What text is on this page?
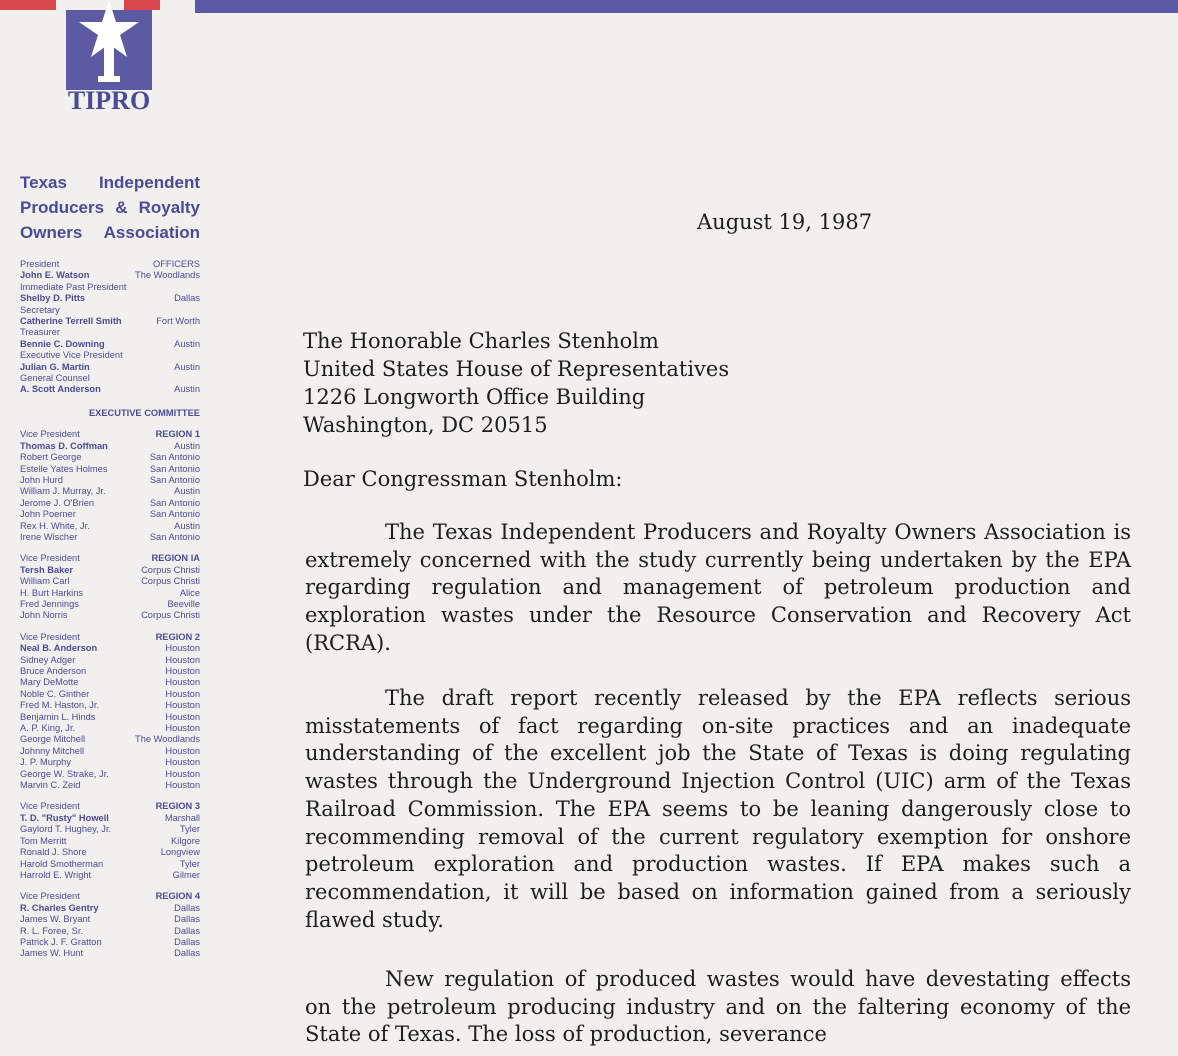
TIPRO
Texas Independent
Producers & Royalty
Owners Association
President	OFFICERS
John E. Watson	The Woodlands
Immediate Past President
Shelby D. Pitts	Dallas
Secretary
Catherine Terrell Smith	Fort Worth
Treasurer
Bennie C. Downing	Austin
Executive Vice President
Julian G. Martin	Austin
General Counsel
A. Scott Anderson	Austin
EXECUTIVE COMMITTEE
Vice President	REGION 1
Thomas D. Coffman	Austin
Robert George	San Antonio
Estelle Yates Holmes	San Antonio
John Hurd	San Antonio
William J. Murray, Jr.	Austin
Jerome J. O'Brien	San Antonio
John Poerner	San Antonio
Rex H. White, Jr.	Austin
Irene Wischer	San Antonio
Vice President	REGION IA
Tersh Baker	Corpus Christi
William Carl	Corpus Christi
H. Burt Harkins	Alice
Fred Jennings	Beeville
John Norris	Corpus Christi
Vice President	REGION 2
Neal B. Anderson	Houston
Sidney Adger	Houston
Bruce Anderson	Houston
Mary DeMotte	Houston
Noble C. Ginther	Houston
Fred M. Haston, Jr.	Houston
Benjamin L. Hinds	Houston
A. P. King, Jr.	Houston
George Mitchell	The Woodlands
Johnny Mitchell	Houston
J. P. Murphy	Houston
George W. Strake, Jr.	Houston
Marvin C. Zeid	Houston
Vice President	REGION 3
T. D. "Rusty" Howell	Marshall
Gaylord T. Hughey, Jr.	Tyler
Tom Merritt	Kilgore
Ronald J. Shore	Longview
Harold Smotherman	Tyler
Harrold E. Wright	Gilmer
Vice President	REGION 4
R. Charles Gentry	Dallas
James W. Bryant	Dallas
R. L. Foree, Sr.	Dallas
Patrick J. F. Gratton	Dallas
James W. Hunt	Dallas
August 19, 1987
The Honorable Charles Stenholm
United States House of Representatives
1226 Longworth Office Building
Washington, DC 20515
Dear Congressman Stenholm:
The Texas Independent Producers and Royalty Owners Association is extremely concerned with the study currently being undertaken by the EPA regarding regulation and management of petroleum production and exploration wastes under the Resource Conservation and Recovery Act (RCRA).
The draft report recently released by the EPA reflects serious misstatements of fact regarding on-site practices and an inadequate understanding of the excellent job the State of Texas is doing regulating wastes through the Underground Injection Control (UIC) arm of the Texas Railroad Commission. The EPA seems to be leaning dangerously close to recommending removal of the current regulatory exemption for onshore petroleum exploration and production wastes. If EPA makes such a recommendation, it will be based on information gained from a seriously flawed study.
New regulation of produced wastes would have devestating effects on the petroleum producing industry and on the faltering economy of the State of Texas. The loss of production, severance
